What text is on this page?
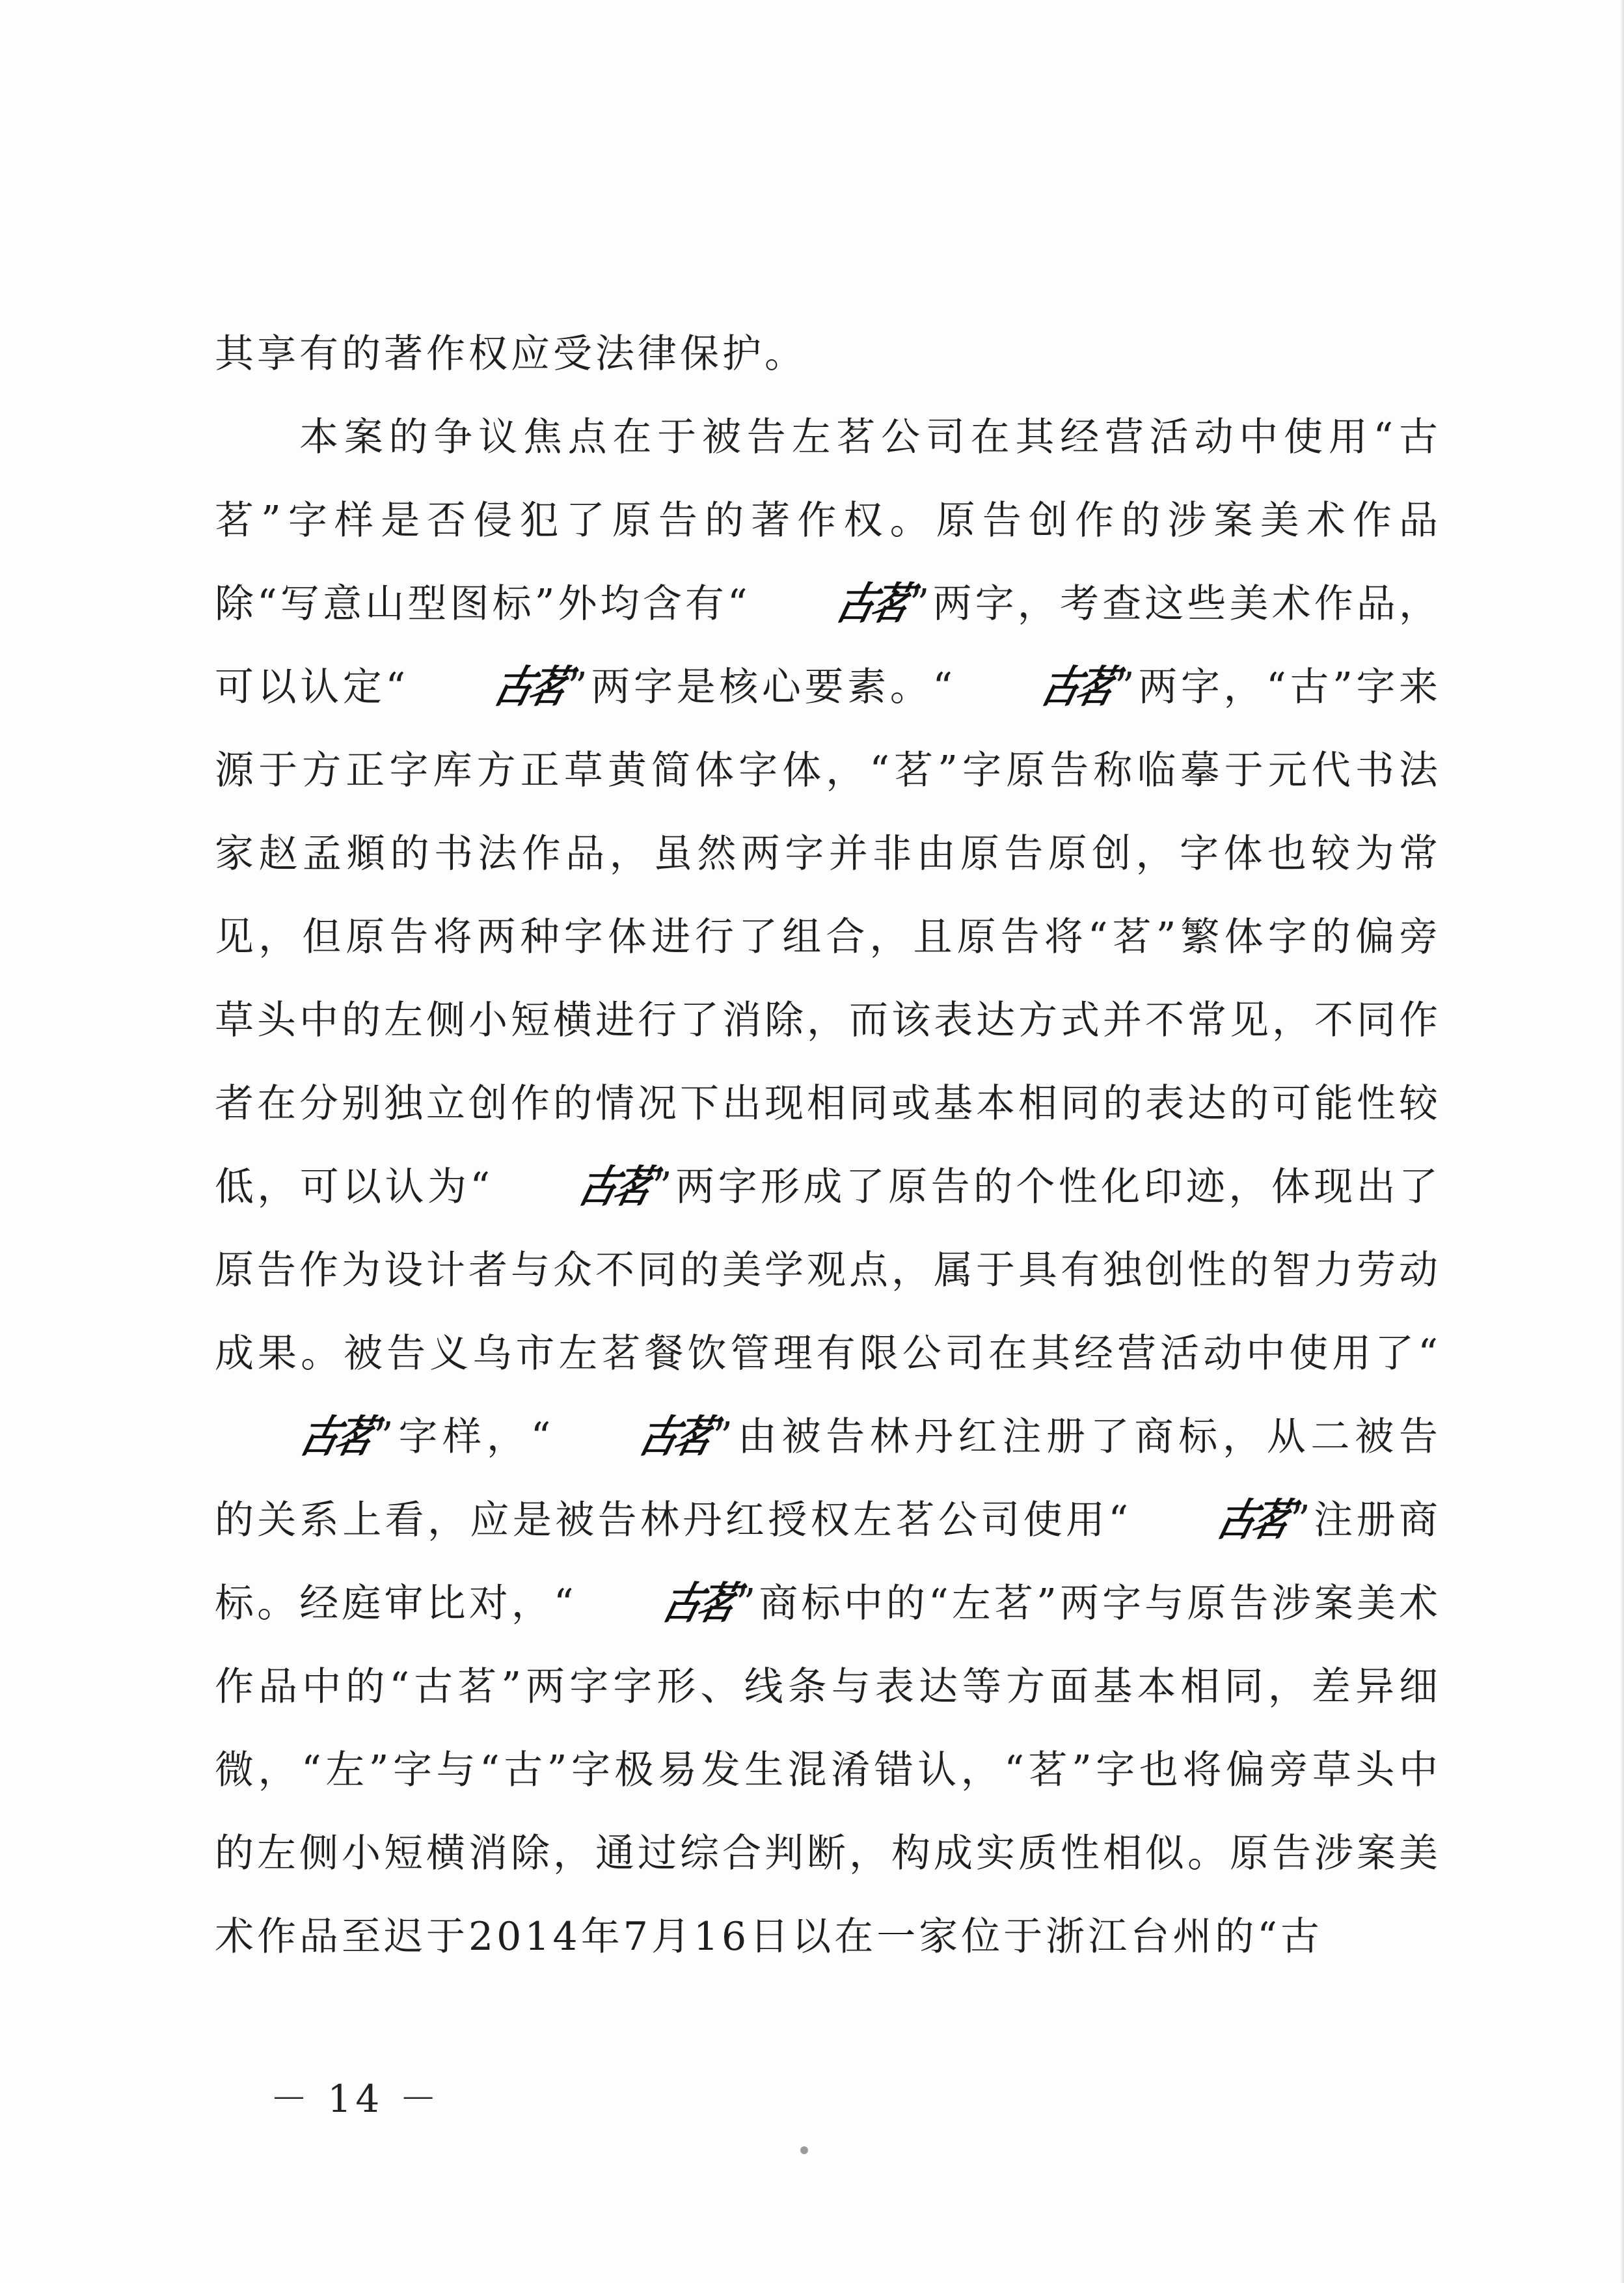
其享有的著作权应受法律保护。

本案的争议焦点在于被告左茗公司在其经营活动中使用“古茗”字样是否侵犯了原告的著作权。原告创作的涉案美术作品除“写意山型图标”外均含有“ 古茗”两字，考查这些美术作品，可以认定“ 古茗”两字是核心要素。“ 古茗”两字，“古”字来源于方正字库方正草黄简体字体，“茗”字原告称临摹于元代书法家赵孟頫的书法作品，虽然两字并非由原告原创，字体也较为常见，但原告将两种字体进行了组合，且原告将“茗”繁体字的偏旁草头中的左侧小短横进行了消除，而该表达方式并不常见，不同作者在分别独立创作的情况下出现相同或基本相同的表达的可能性较低，可以认为“ 古茗”两字形成了原告的个性化印迹，体现出了原告作为设计者与众不同的美学观点，属于具有独创性的智力劳动成果。被告义乌市左茗餐饮管理有限公司在其经营活动中使用了“古茗”字样，“ 古茗”由被告林丹红注册了商标，从二被告的关系上看，应是被告林丹红授权左茗公司使用“ 古茗”注册商标。经庭审比对，“ 古茗”商标中的“左茗”两字与原告涉案美术作品中的“古茗”两字字形、线条与表达等方面基本相同，差异细微，“左”字与“古”字极易发生混淆错认，“茗”字也将偏旁草头中的左侧小短横消除，通过综合判断，构成实质性相似。原告涉案美术作品至迟于2014年7月16日以在一家位于浙江台州的“古

－ 14 －
